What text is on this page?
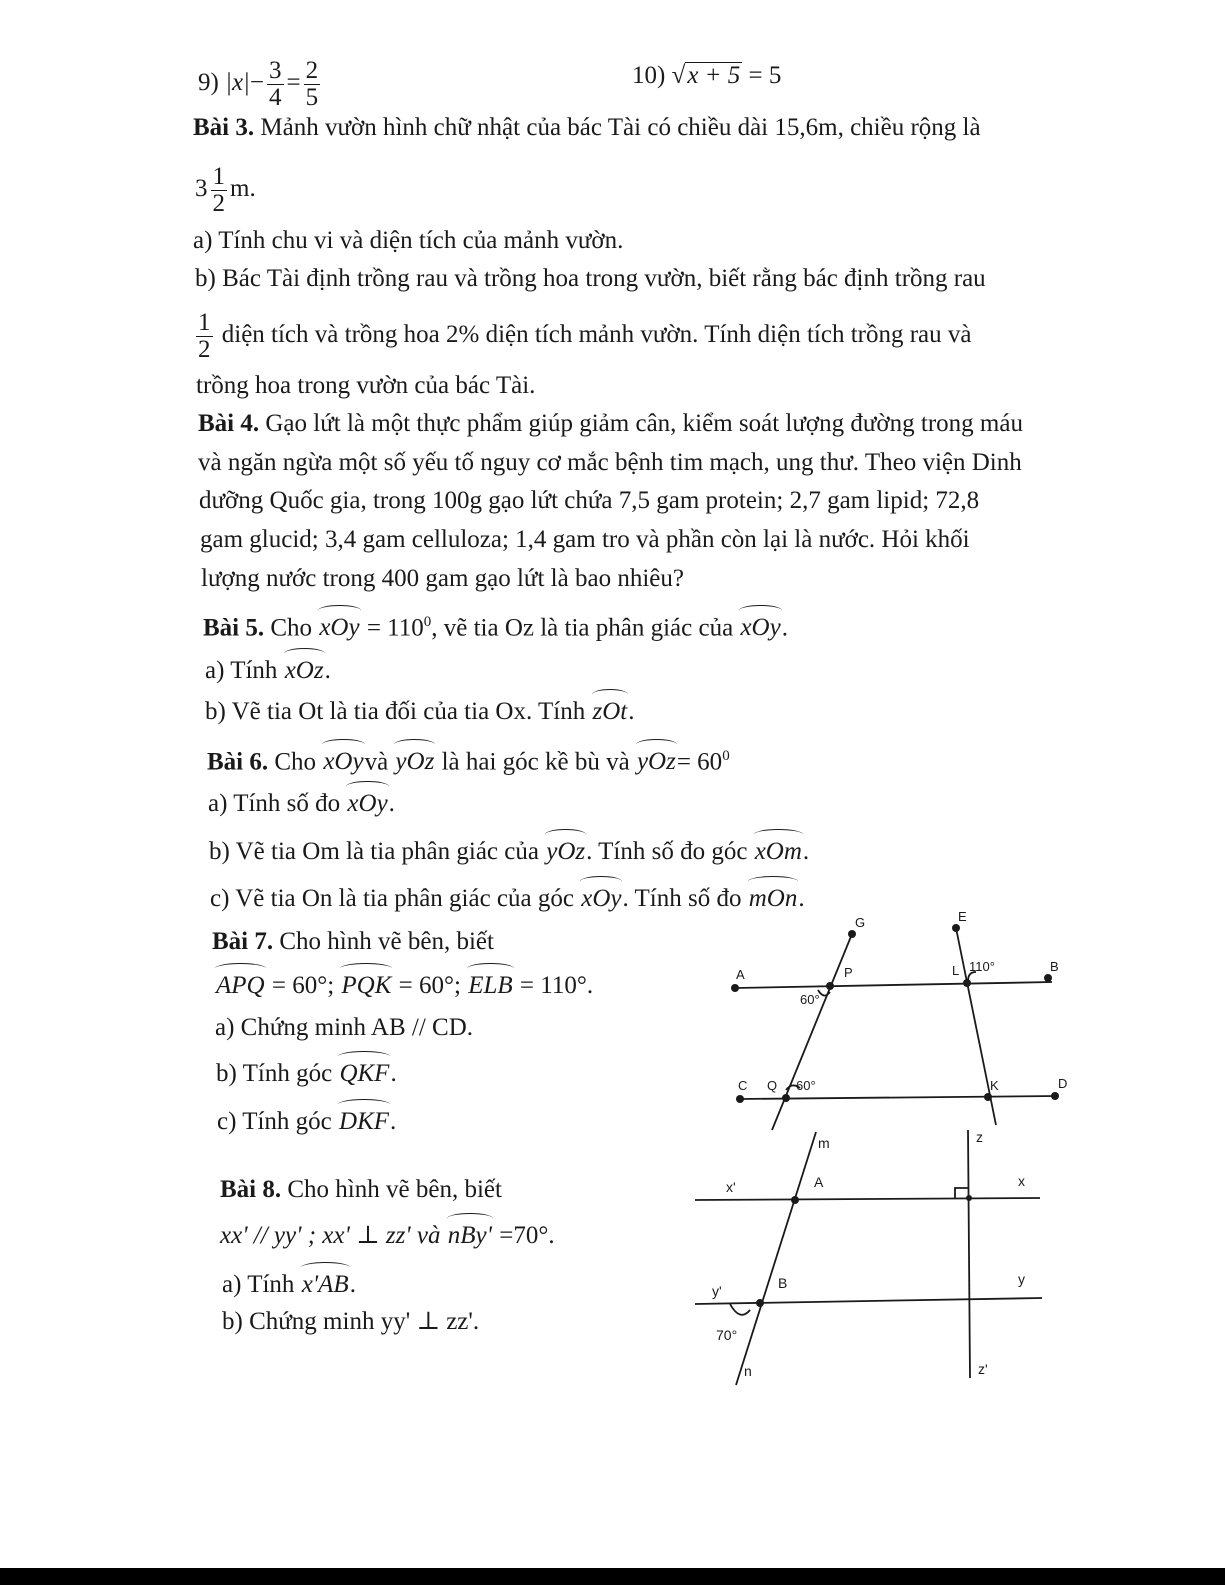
9) $|x|- \frac{3}{4} = \frac{2}{5}$	10) √x + 5 = 5
Bài 3. Mảnh vườn hình chữ nhật của bác Tài có chiều dài 15,6m, chiều rộng là
$3 \frac{1}{2} m$.
a) Tính chu vi và diện tích của mảnh vườn.
b) Bác Tài định trồng rau và trồng hoa trong vườn, biết rằng bác định trồng rau
$\frac{1}{2}$ diện tích và trồng hoa 2% diện tích mảnh vườn. Tính diện tích trồng rau và
trồng hoa trong vườn của bác Tài.
Bài 4. Gạo lứt là một thực phẩm giúp giảm cân, kiểm soát lượng đường trong máu
và ngăn ngừa một số yếu tố nguy cơ mắc bệnh tim mạch, ung thư. Theo viện Dinh
dưỡng Quốc gia, trong 100g gạo lứt chứa 7,5 gam protein; 2,7 gam lipid; 72,8
gam glucid; 3,4 gam celluloza; 1,4 gam tro và phần còn lại là nước. Hỏi khối
lượng nước trong 400 gam gạo lứt là bao nhiêu?
Bài 5. Cho xOy = $110^0$, vẽ tia Oz là tia phân giác của xOy.
a) Tính xOz.
b) Vẽ tia Ot là tia đối của tia Ox. Tính zOt.
Bài 6. Cho xOyvà yOz là hai góc kề bù và $yOz= 60^0$
a) Tính số đo xOy.
b) Vẽ tia Om là tia phân giác của yOz. Tính số đo góc xOm.
c) Vẽ tia On là tia phân giác của góc xOy. Tính số đo mOn.
Bài 7. Cho hình vẽ bên, biết
APQ = 60°; PQK = 60°; ELB = 110°.
a) Chứng minh AB // CD.
b) Tính góc QKF.
c) Tính góc DKF.
G	E
A	P	L 110°	B
60°
C Q 60°	K	D
Bài 8. Cho hình vẽ bên, biết
xx' // yy' ; xx' ⊥ zz' và nBy' =70°.
a) Tính x'AB.
b) Chứng minh yy' ⊥ zz'.
m	z
x'	A	x
y'	B	y
70°
n	z'
